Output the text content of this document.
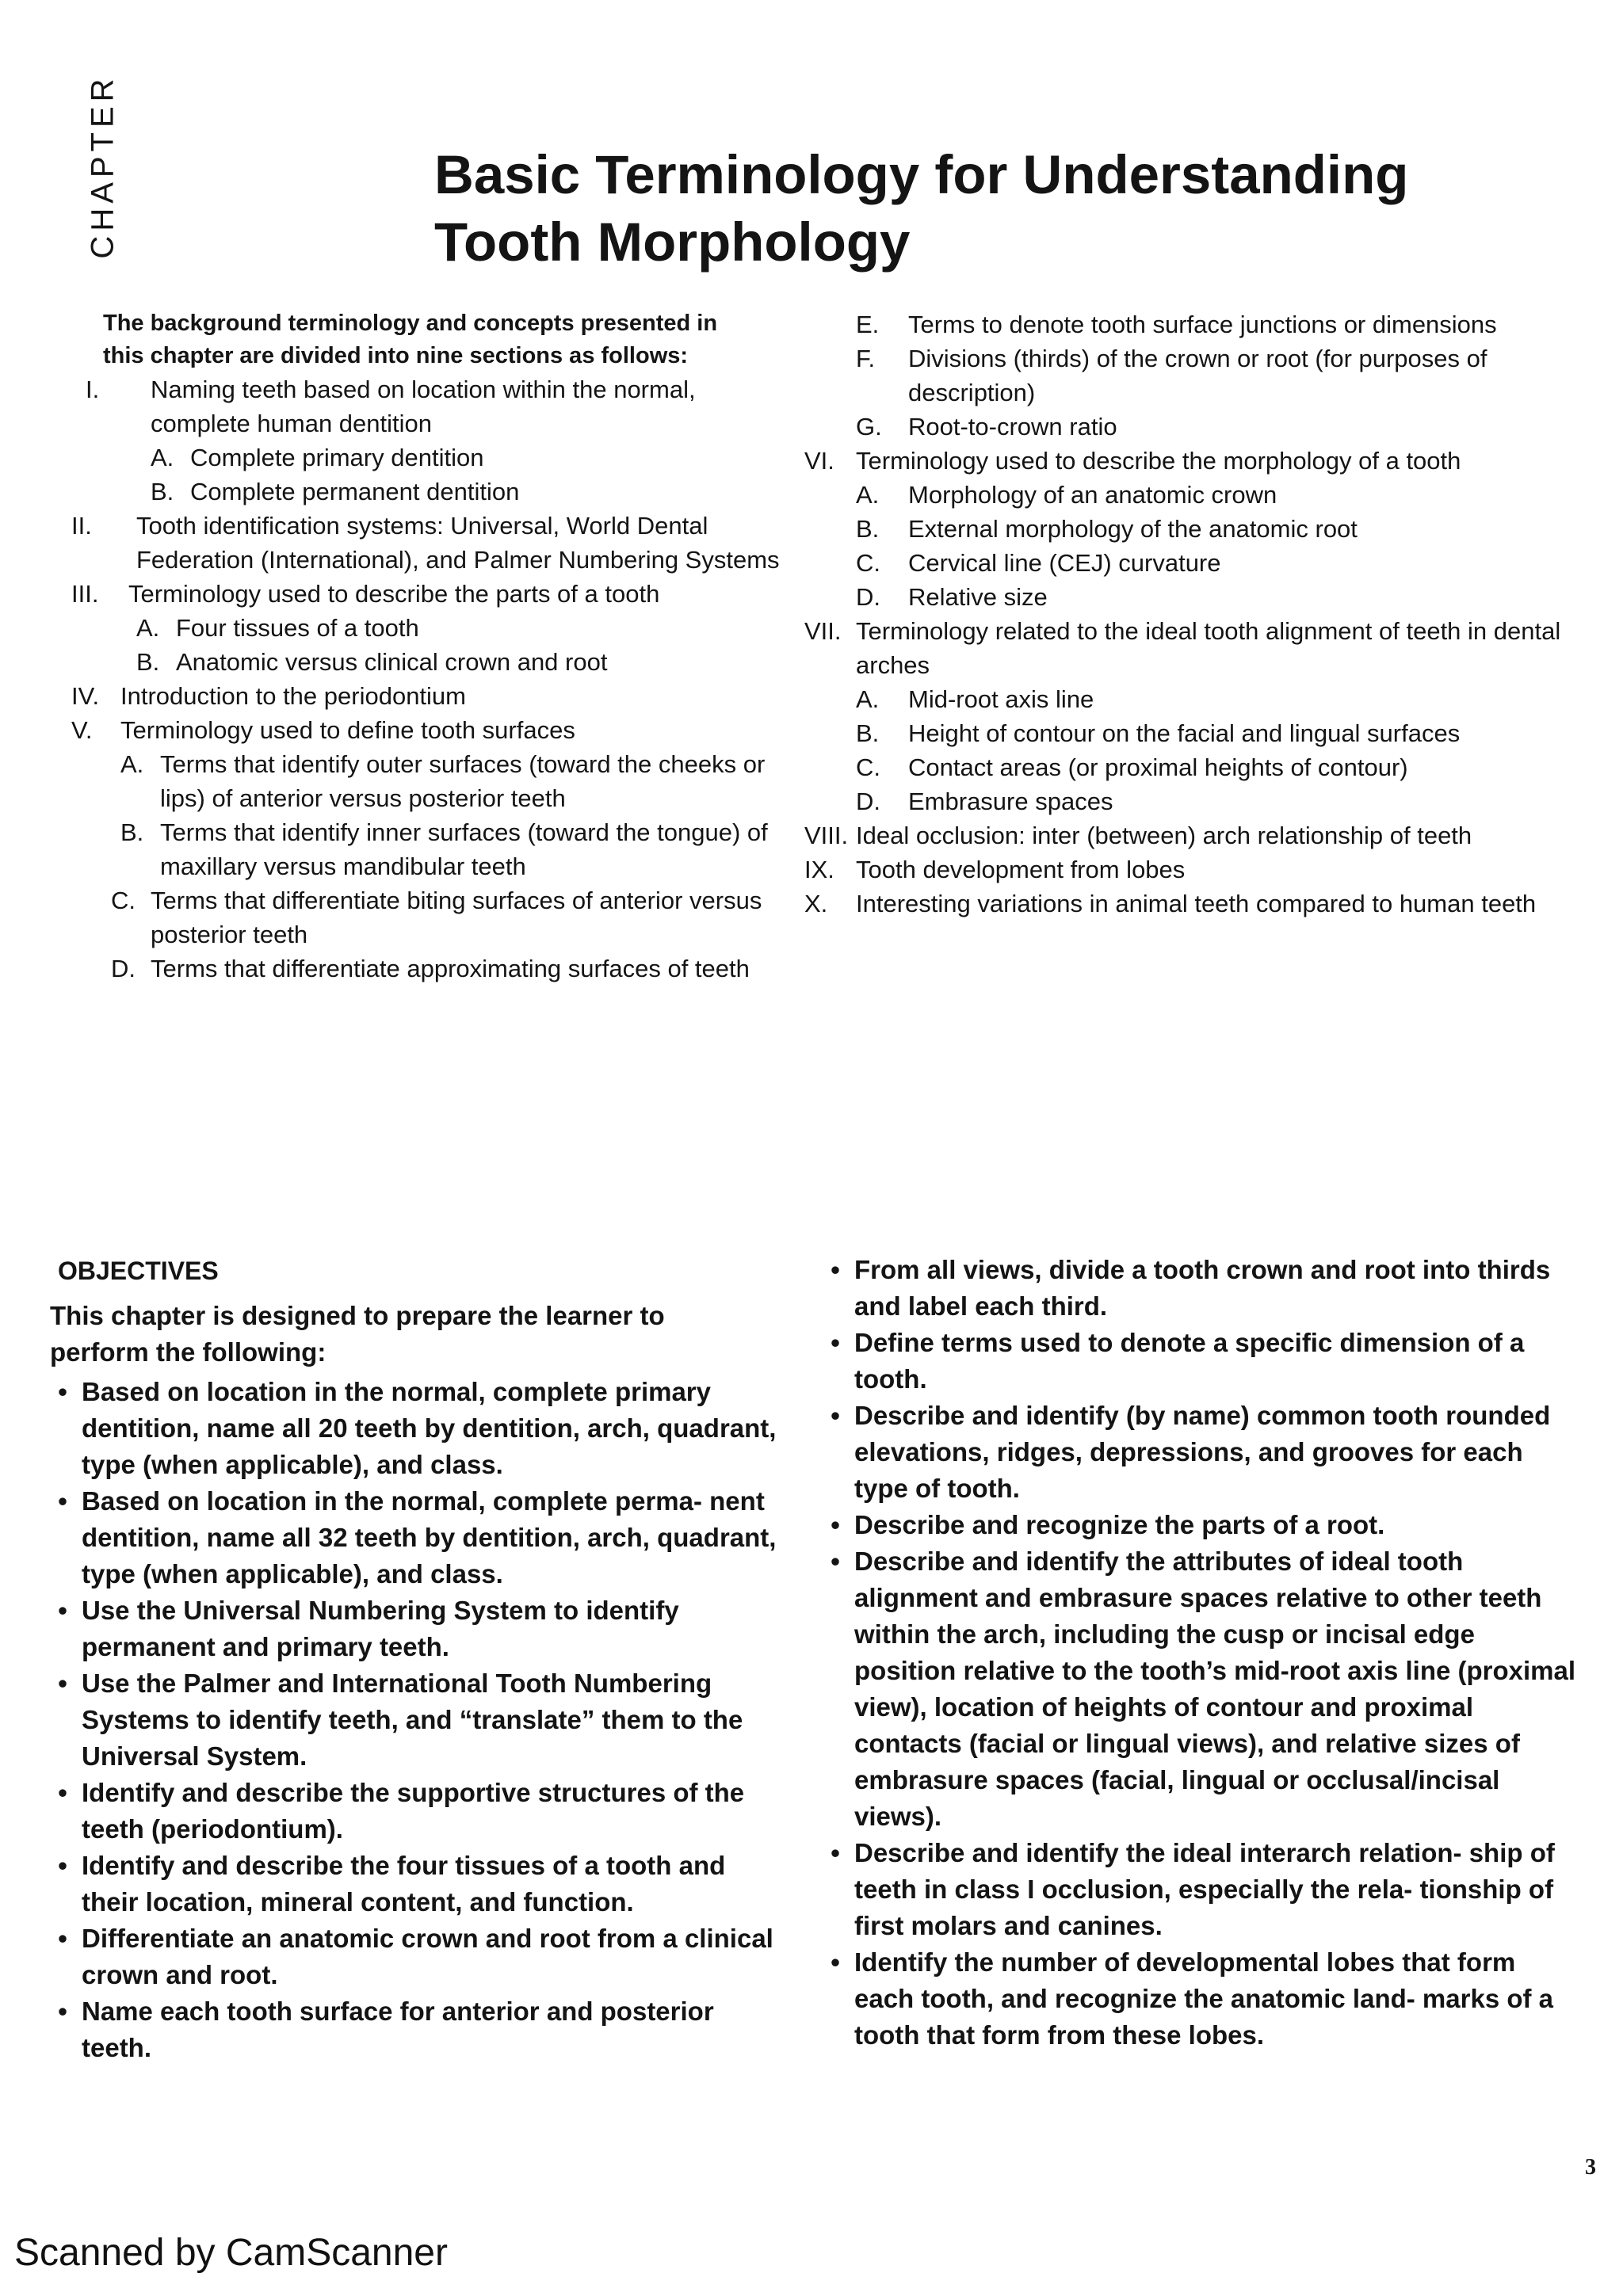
CHAPTER	Basic Terminology for Understanding
Tooth Morphology
The background terminology and concepts presented in this chapter are divided into nine sections as follows:
I.	Naming teeth based on location within the normal, complete human dentition
A. Complete primary dentition
B. Complete permanent dentition
II.	Tooth identification systems: Universal, World Dental Federation (International), and Palmer Numbering Systems
III.	Terminology used to describe the parts of a tooth
A. Four tissues of a tooth
B. Anatomic versus clinical crown and root
IV. Introduction to the periodontium
V.	Terminology used to define tooth surfaces
A. Terms that identify outer surfaces (toward the cheeks or lips) of anterior versus posterior teeth
B. Terms that identify inner surfaces (toward the tongue) of maxillary versus mandibular teeth
C. Terms that differentiate biting surfaces of anterior versus posterior teeth
D. Terms that differentiate approximating surfaces of teeth
E.	Terms to denote tooth surface junctions or dimensions
F.	Divisions (thirds) of the crown or root (for purposes of description)
G.	Root-to-crown ratio
VI. Terminology used to describe the morphology of a tooth
A.	Morphology of an anatomic crown
B.	External morphology of the anatomic root
C.	Cervical line (CEJ) curvature
D.	Relative size
VII. Terminology related to the ideal tooth alignment of teeth in dental arches
A.	Mid-root axis line
B.	Height of contour on the facial and lingual surfaces
C.	Contact areas (or proximal heights of contour)
D.	Embrasure spaces
VIII. Ideal occlusion: inter (between) arch relationship of teeth
IX. Tooth development from lobes
X.	Interesting variations in animal teeth compared to human teeth
OBJECTIVES
This chapter is designed to prepare the learner to perform the following:
• Based on location in the normal, complete primary dentition, name all 20 teeth by dentition, arch, quadrant, type (when applicable), and class.
• Based on location in the normal, complete perma- nent dentition, name all 32 teeth by dentition, arch, quadrant, type (when applicable), and class.
• Use the Universal Numbering System to identify permanent and primary teeth.
• Use the Palmer and International Tooth Numbering Systems to identify teeth, and “translate” them to the Universal System.
• Identify and describe the supportive structures of the teeth (periodontium).
• Identify and describe the four tissues of a tooth and their location, mineral content, and function.
• Differentiate an anatomic crown and root from a clinical crown and root.
• Name each tooth surface for anterior and posterior teeth.
• From all views, divide a tooth crown and root into thirds and label each third.
• Define terms used to denote a specific dimension of a tooth.
• Describe and identify (by name) common tooth rounded elevations, ridges, depressions, and grooves for each type of tooth.
• Describe and recognize the parts of a root.
• Describe and identify the attributes of ideal tooth alignment and embrasure spaces relative to other teeth within the arch, including the cusp or incisal edge position relative to the tooth’s mid-root axis line (proximal view), location of heights of contour and proximal contacts (facial or lingual views), and relative sizes of embrasure spaces (facial, lingual or occlusal/incisal views).
• Describe and identify the ideal interarch relation- ship of teeth in class I occlusion, especially the rela- tionship of first molars and canines.
• Identify the number of developmental lobes that form each tooth, and recognize the anatomic land- marks of a tooth that form from these lobes.
3
Scanned by CamScanner
